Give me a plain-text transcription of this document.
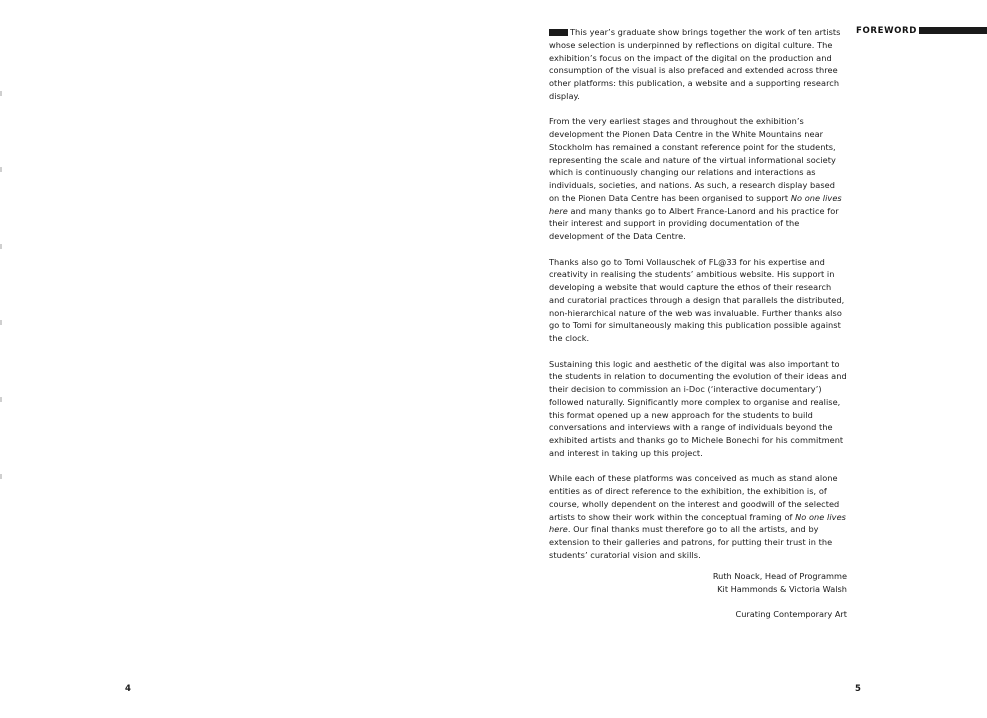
4

This year’s graduate show brings together the work of ten artists whose selection is underpinned by reflections on digital culture. The exhibition’s focus on the impact of the digital on the production and consumption of the visual is also prefaced and extended across three other platforms: this publication, a website and a supporting research display.

From the very earliest stages and throughout the exhibition’s development the Pionen Data Centre in the White Mountains near Stockholm has remained a constant reference point for the students, representing the scale and nature of the virtual informational society which is continuously changing our relations and interactions as individuals, societies, and nations. As such, a research display based on the Pionen Data Centre has been organised to support No one lives here and many thanks go to Albert France-Lanord and his practice for their interest and support in providing documentation of the development of the Data Centre.

Thanks also go to Tomi Vollauschek of FL@33 for his expertise and creativity in realising the students’ ambitious website. His support in developing a website that would capture the ethos of their research and curatorial practices through a design that parallels the distributed, non-hierarchical nature of the web was invaluable. Further thanks also go to Tomi for simultaneously making this publication possible against the clock.

Sustaining this logic and aesthetic of the digital was also important to the students in relation to documenting the evolution of their ideas and their decision to commission an i-Doc (‘interactive documentary’) followed naturally. Significantly more complex to organise and realise, this format opened up a new approach for the students to build conversations and interviews with a range of individuals beyond the exhibited artists and thanks go to Michele Bonechi for his commitment and interest in taking up this project.

While each of these platforms was conceived as much as stand alone entities as of direct reference to the exhibition, the exhibition is, of course, wholly dependent on the interest and goodwill of the selected artists to show their work within the conceptual framing of No one lives here. Our final thanks must therefore go to all the artists, and by extension to their galleries and patrons, for putting their trust in the students’ curatorial vision and skills.

Ruth Noack, Head of Programme
Kit Hammonds & Victoria Walsh
Curating Contemporary Art
FOREWORD
5
